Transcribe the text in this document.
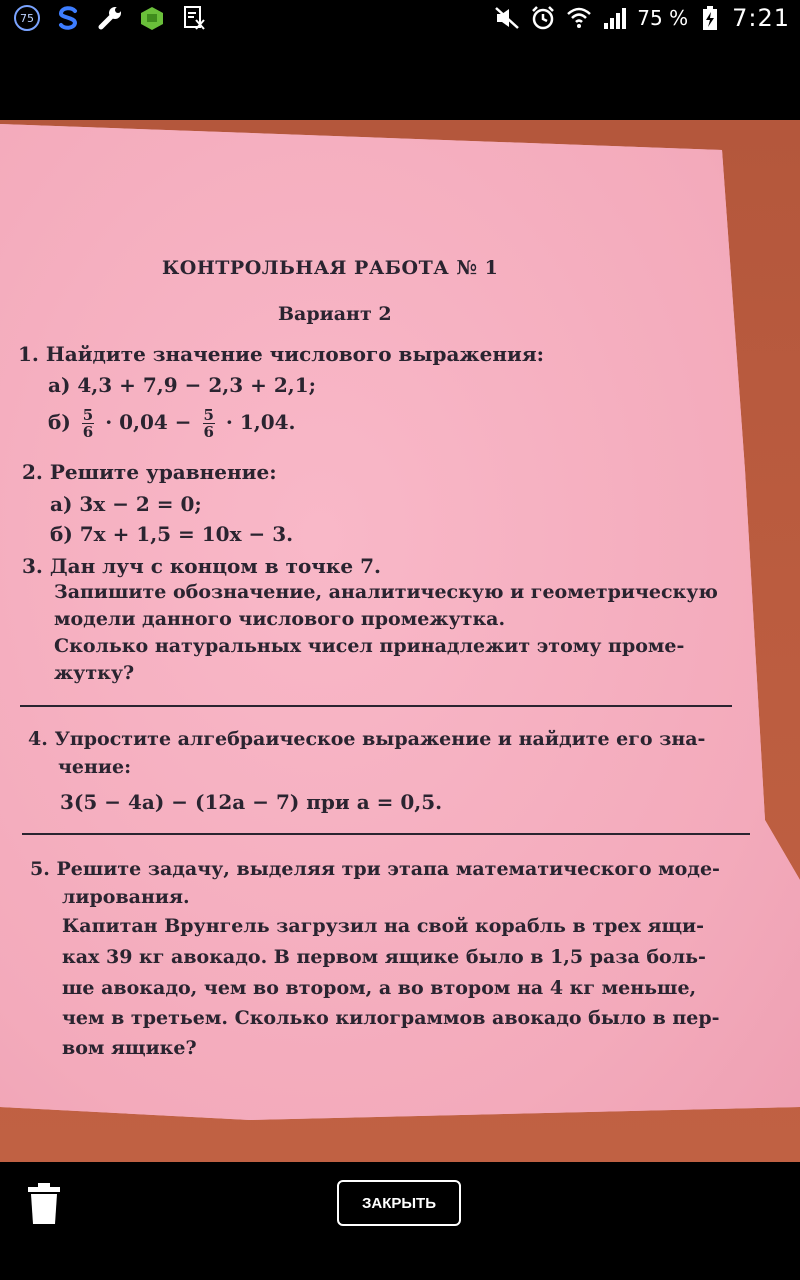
75	75 % 7:21
КОНТРОЛЬНАЯ РАБОТА № 1
Вариант 2
1. Найдите значение числового выражения:
а) 4,3 + 7,9 − 2,3 + 2,1;
$б) \frac{5}{6} \cdot 0,04 - \frac{5}{6} \cdot 1,04$.
2. Решите уравнение:
а) 3x − 2 = 0;
б) 7x + 1,5 = 10x − 3.
3. Дан луч с концом в точке 7.
Запишите обозначение, аналитическую и геометрическую
модели данного числового промежутка.
Сколько натуральных чисел принадлежит этому проме-
жутку?
4. Упростите алгебраическое выражение и найдите его зна-
чение:
3(5 − 4a) − (12a − 7) при a = 0,5.
5. Решите задачу, выделяя три этапа математического моде-
лирования.
Капитан Врунгель загрузил на свой корабль в трех ящи-
ках 39 кг авокадо. В первом ящике было в 1,5 раза боль-
ше авокадо, чем во втором, а во втором на 4 кг меньше,
чем в третьем. Сколько килограммов авокадо было в пер-
вом ящике?
ЗАКРЫТЬ
